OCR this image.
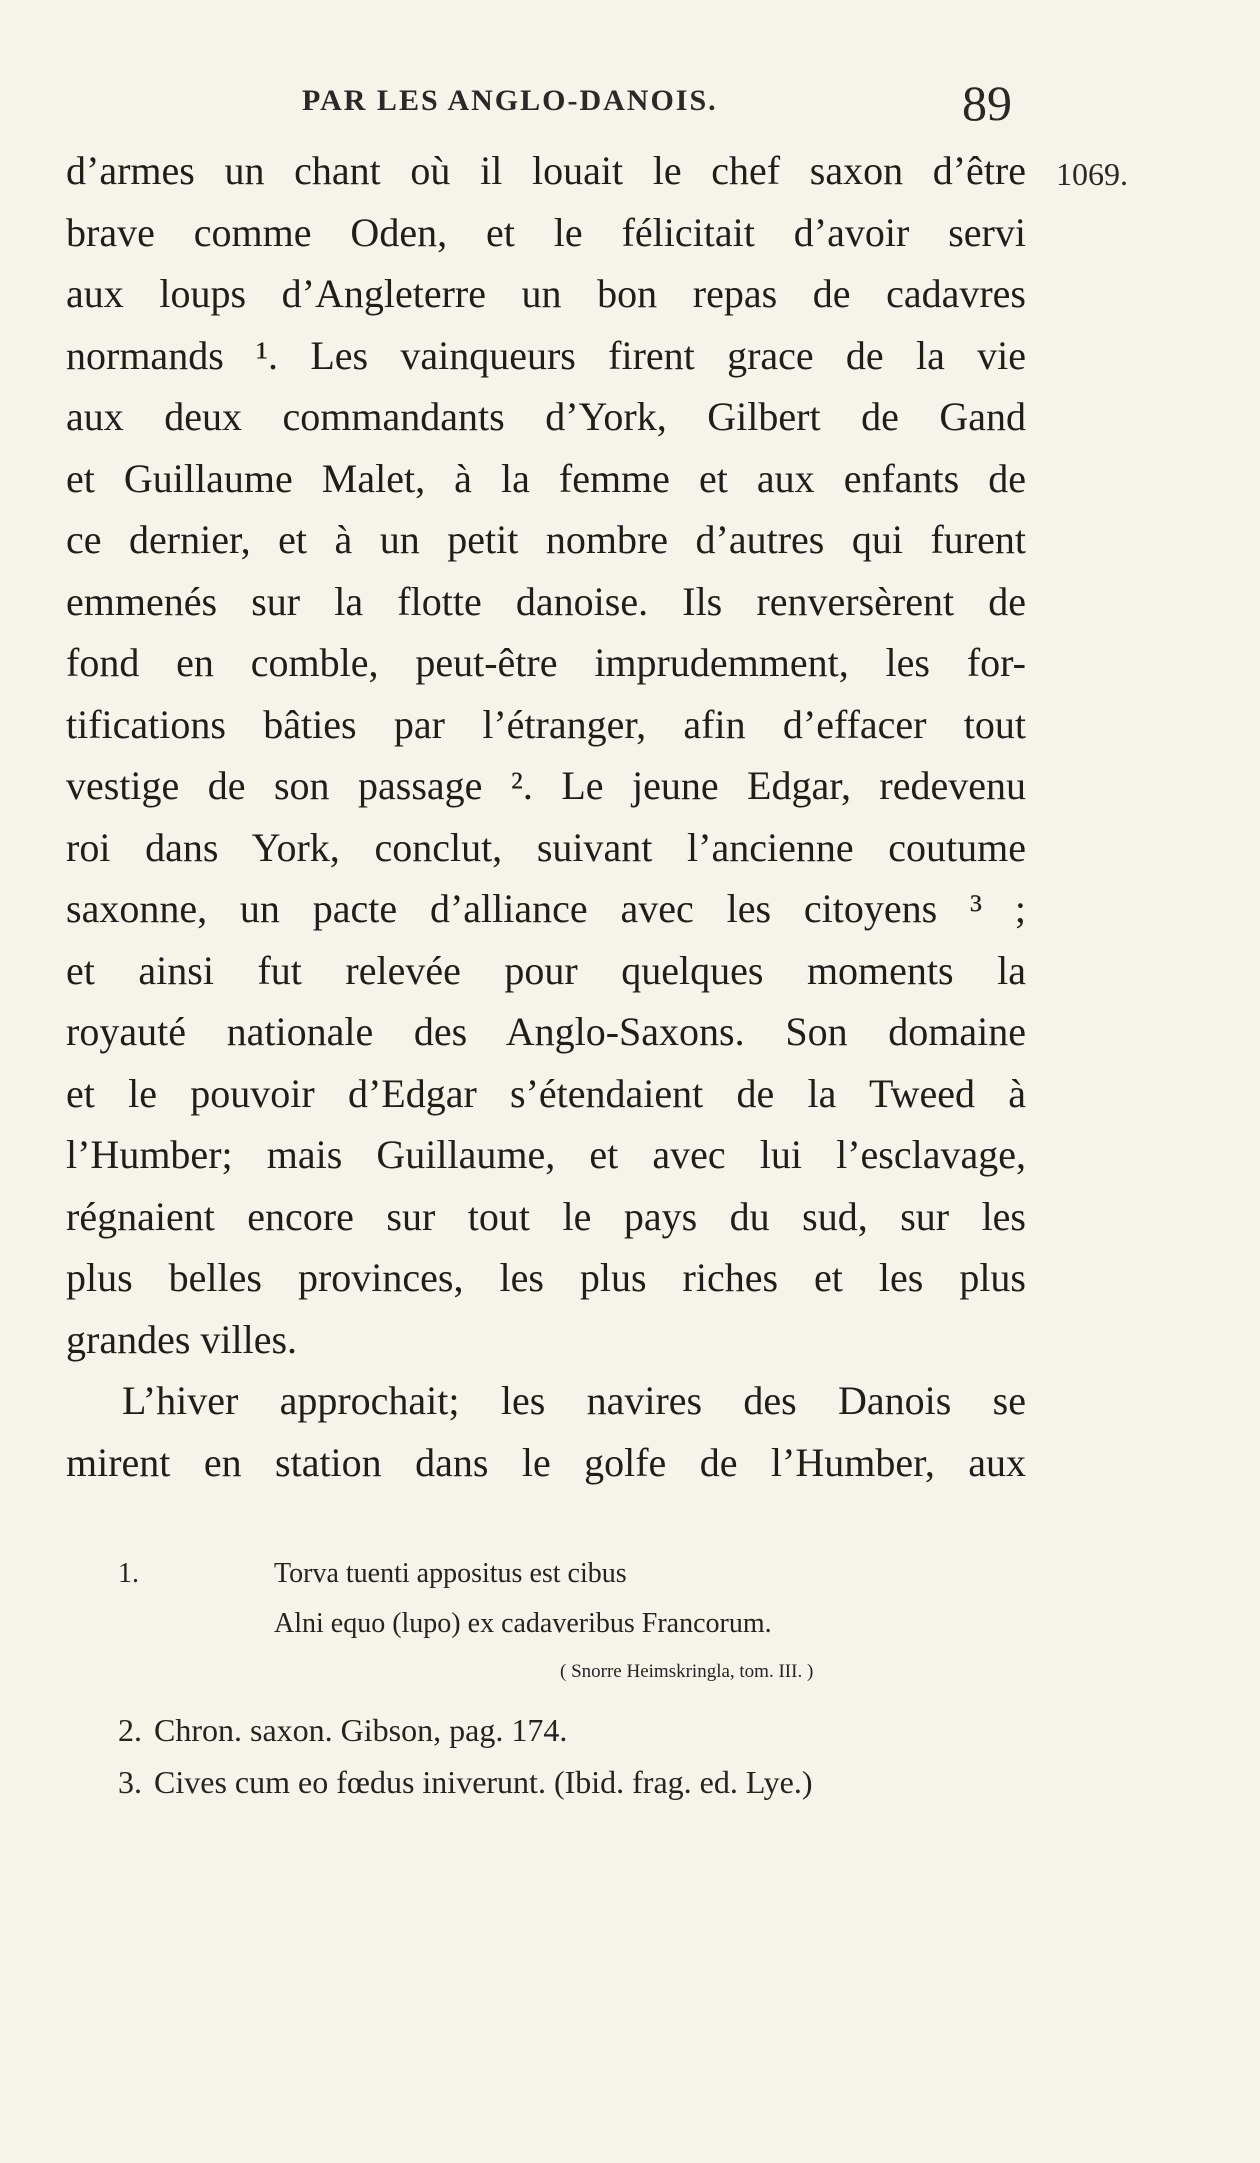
PAR LES ANGLO-DANOIS.	89
1069.
d’armes un chant où il louait le chef saxon d’être
brave comme Oden, et le félicitait d’avoir servi
aux loups d’Angleterre un bon repas de cadavres
normands ¹. Les vainqueurs firent grace de la vie
aux deux commandants d’York, Gilbert de Gand
et Guillaume Malet, à la femme et aux enfants de
ce dernier, et à un petit nombre d’autres qui furent
emmenés sur la flotte danoise. Ils renversèrent de
fond en comble, peut-être imprudemment, les for-
tifications bâties par l’étranger, afin d’effacer tout
vestige de son passage ². Le jeune Edgar, redevenu
roi dans York, conclut, suivant l’ancienne coutume
saxonne, un pacte d’alliance avec les citoyens ³ ;
et ainsi fut relevée pour quelques moments la
royauté nationale des Anglo-Saxons. Son domaine
et le pouvoir d’Edgar s’étendaient de la Tweed à
l’Humber; mais Guillaume, et avec lui l’esclavage,
régnaient encore sur tout le pays du sud, sur les
plus belles provinces, les plus riches et les plus
grandes villes.
L’hiver approchait; les navires des Danois se
mirent en station dans le golfe de l’Humber, aux
1.	Torva tuenti appositus est cibus
Alni equo (lupo) ex cadaveribus Francorum.
( Snorre Heimskringla, tom. III. )
2. Chron. saxon. Gibson, pag. 174.
3. Cives cum eo fœdus iniverunt. (Ibid. frag. ed. Lye.)
